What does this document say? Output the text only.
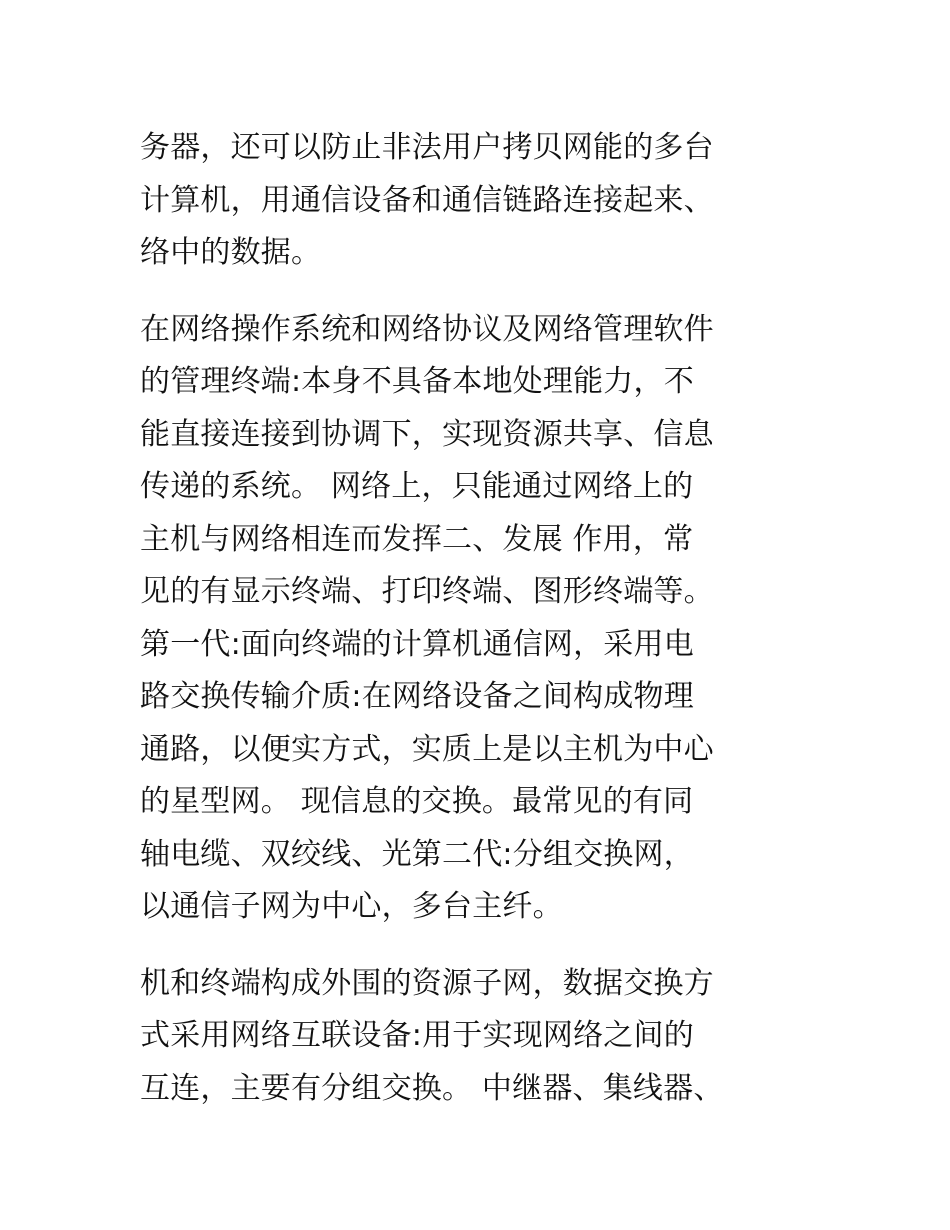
务器，还可以防止非法用户拷贝网能的多台
计算机，用通信设备和通信链路连接起来、
络中的数据。
在网络操作系统和网络协议及网络管理软件
的管理终端:本身不具备本地处理能力，不
能直接连接到协调下，实现资源共享、信息
传递的系统。 网络上，只能通过网络上的
主机与网络相连而发挥二、发展 作用，常
见的有显示终端、打印终端、图形终端等。
第一代:面向终端的计算机通信网，采用电
路交换传输介质:在网络设备之间构成物理
通路，以便实方式，实质上是以主机为中心
的星型网。 现信息的交换。最常见的有同
轴电缆、双绞线、光第二代:分组交换网，
以通信子网为中心，多台主纤。
机和终端构成外围的资源子网，数据交换方
式采用网络互联设备:用于实现网络之间的
互连，主要有分组交换。 中继器、集线器、
